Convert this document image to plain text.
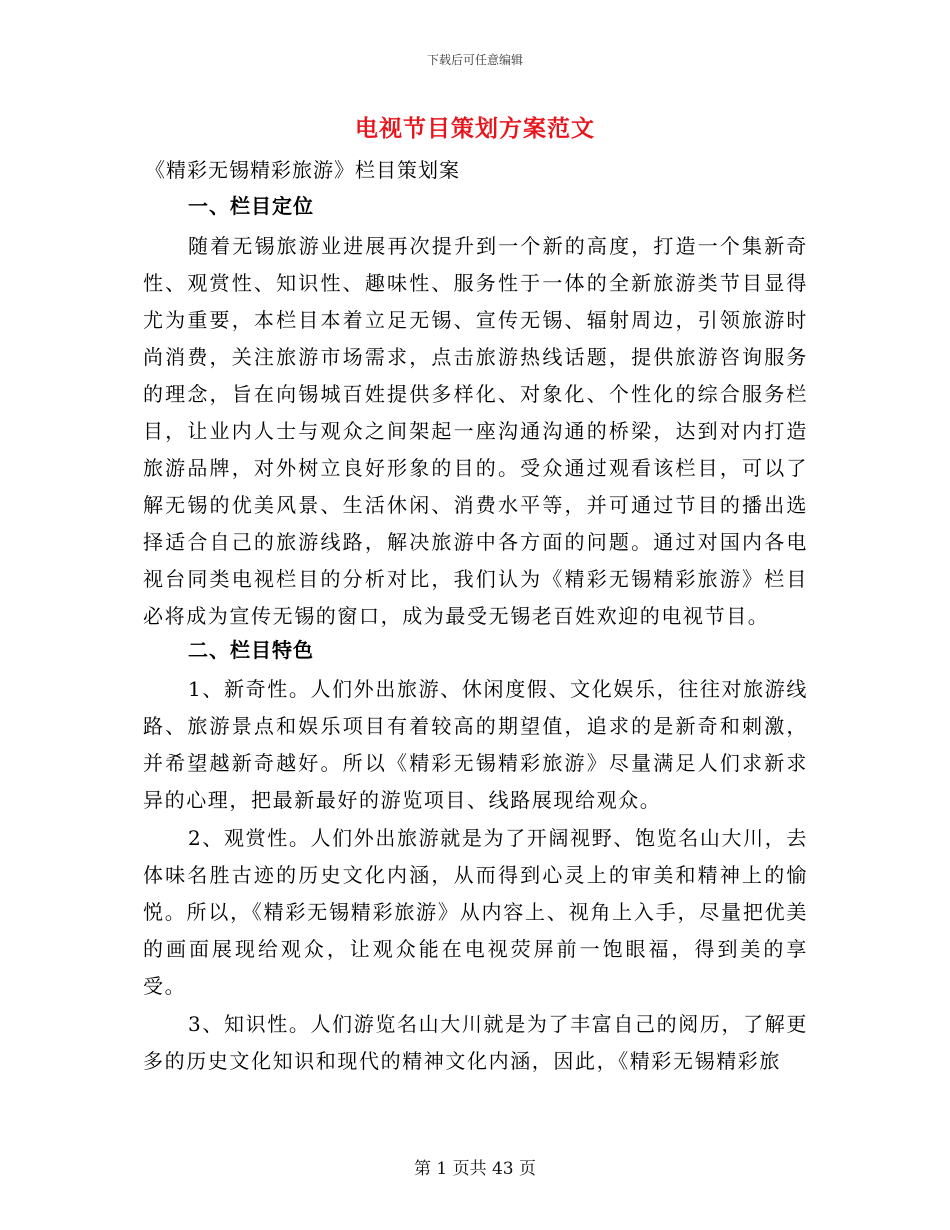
下载后可任意编辑
电视节目策划方案范文
《精彩无锡精彩旅游》栏目策划案
一、栏目定位

随着无锡旅游业进展再次提升到一个新的高度，打造一个集新奇性、观赏性、知识性、趣味性、服务性于一体的全新旅游类节目显得尤为重要，本栏目本着立足无锡、宣传无锡、辐射周边，引领旅游时尚消费，关注旅游市场需求，点击旅游热线话题，提供旅游咨询服务的理念，旨在向锡城百姓提供多样化、对象化、个性化的综合服务栏目，让业内人士与观众之间架起一座沟通沟通的桥梁，达到对内打造旅游品牌，对外树立良好形象的目的。受众通过观看该栏目，可以了解无锡的优美风景、生活休闲、消费水平等，并可通过节目的播出选择适合自己的旅游线路，解决旅游中各方面的问题。通过对国内各电视台同类电视栏目的分析对比，我们认为《精彩无锡精彩旅游》栏目必将成为宣传无锡的窗口，成为最受无锡老百姓欢迎的电视节目。

二、栏目特色

1、新奇性。人们外出旅游、休闲度假、文化娱乐，往往对旅游线路、旅游景点和娱乐项目有着较高的期望值，追求的是新奇和刺激，并希望越新奇越好。所以《精彩无锡精彩旅游》尽量满足人们求新求异的心理，把最新最好的游览项目、线路展现给观众。

2、观赏性。人们外出旅游就是为了开阔视野、饱览名山大川，去体味名胜古迹的历史文化内涵，从而得到心灵上的审美和精神上的愉悦。所以，《精彩无锡精彩旅游》从内容上、视角上入手，尽量把优美的画面展现给观众，让观众能在电视荧屏前一饱眼福，得到美的享受。

3、知识性。人们游览名山大川就是为了丰富自己的阅历，了解更多的历史文化知识和现代的精神文化内涵，因此，《精彩无锡精彩旅

第 1 页共 43 页
